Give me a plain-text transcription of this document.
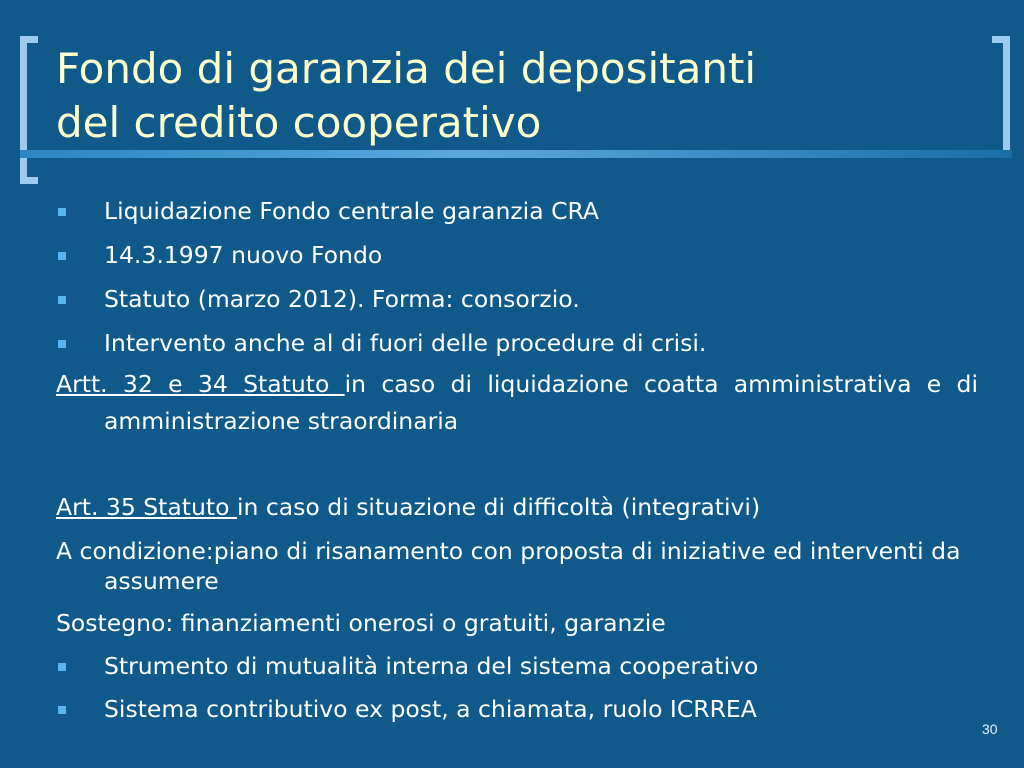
Fondo di garanzia dei depositanti
del credito cooperativo
Liquidazione Fondo centrale garanzia CRA
14.3.1997 nuovo Fondo
Statuto (marzo 2012). Forma: consorzio.
Intervento anche al di fuori delle procedure di crisi.
Artt. 32 e 34 Statuto in caso di liquidazione coatta amministrativa e di amministrazione straordinaria
Art. 35 Statuto in caso di situazione di difficoltà (integrativi)
A condizione:piano di risanamento con proposta di iniziative ed interventi da assumere
Sostegno: finanziamenti onerosi o gratuiti, garanzie
Strumento di mutualità interna del sistema cooperativo
Sistema contributivo ex post, a chiamata, ruolo ICRREA
30
